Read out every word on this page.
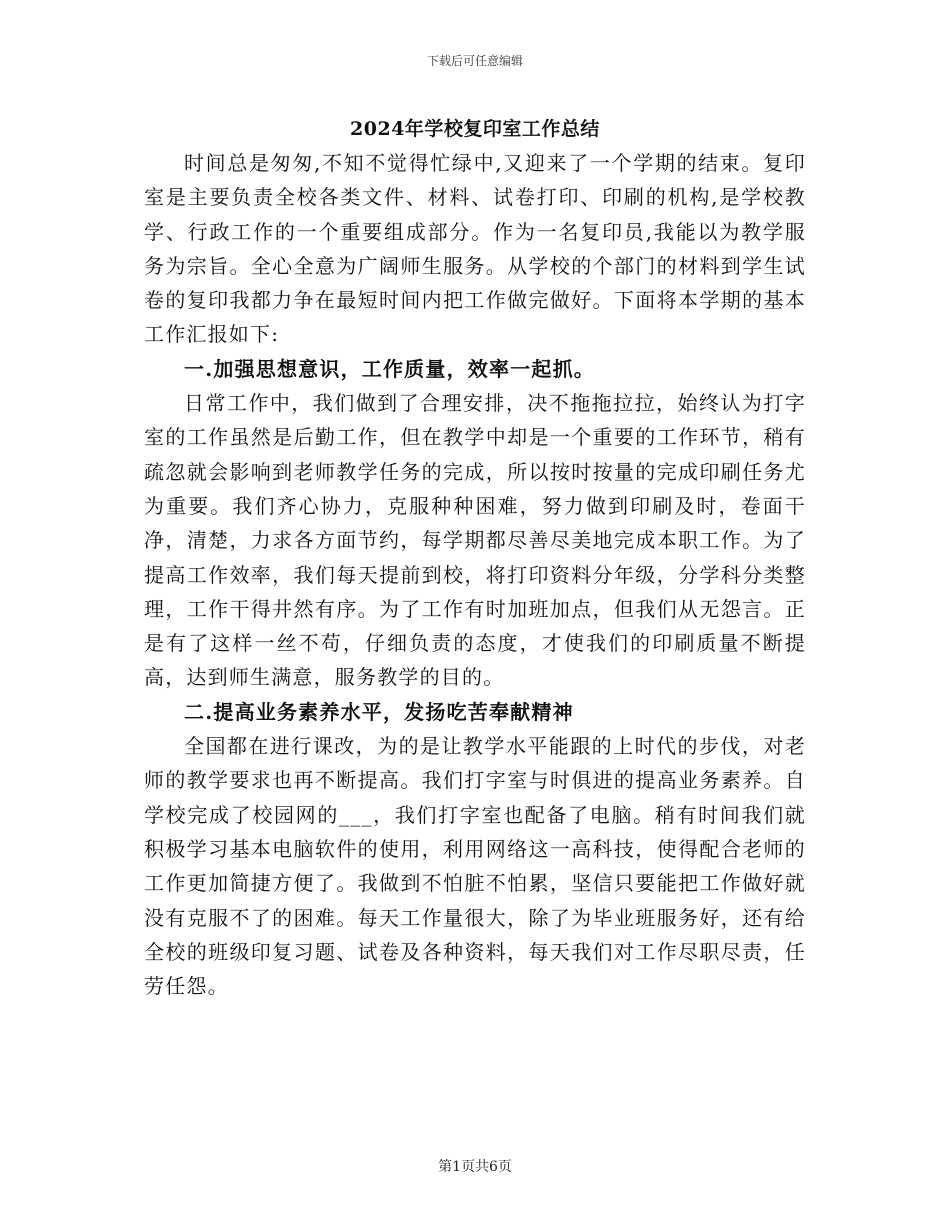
下载后可任意编辑
2024年学校复印室工作总结

时间总是匆匆,不知不觉得忙绿中,又迎来了一个学期的结束。复印室是主要负责全校各类文件、材料、试卷打印、印刷的机构,是学校教学、行政工作的一个重要组成部分。作为一名复印员,我能以为教学服务为宗旨。全心全意为广阔师生服务。从学校的个部门的材料到学生试卷的复印我都力争在最短时间内把工作做完做好。下面将本学期的基本工作汇报如下:

一.加强思想意识，工作质量，效率一起抓。

日常工作中，我们做到了合理安排，决不拖拖拉拉，始终认为打字室的工作虽然是后勤工作，但在教学中却是一个重要的工作环节，稍有疏忽就会影响到老师教学任务的完成，所以按时按量的完成印刷任务尤为重要。我们齐心协力，克服种种困难，努力做到印刷及时，卷面干净，清楚，力求各方面节约，每学期都尽善尽美地完成本职工作。为了提高工作效率，我们每天提前到校，将打印资料分年级，分学科分类整理，工作干得井然有序。为了工作有时加班加点，但我们从无怨言。正是有了这样一丝不苟，仔细负责的态度，才使我们的印刷质量不断提高，达到师生满意，服务教学的目的。

二.提高业务素养水平，发扬吃苦奉献精神

全国都在进行课改，为的是让教学水平能跟的上时代的步伐，对老师的教学要求也再不断提高。我们打字室与时俱进的提高业务素养。自学校完成了校园网的___，我们打字室也配备了电脑。稍有时间我们就积极学习基本电脑软件的使用，利用网络这一高科技，使得配合老师的工作更加简捷方便了。我做到不怕脏不怕累，坚信只要能把工作做好就没有克服不了的困难。每天工作量很大，除了为毕业班服务好，还有给全校的班级印复习题、试卷及各种资料，每天我们对工作尽职尽责，任劳任怨。

第1页共6页
